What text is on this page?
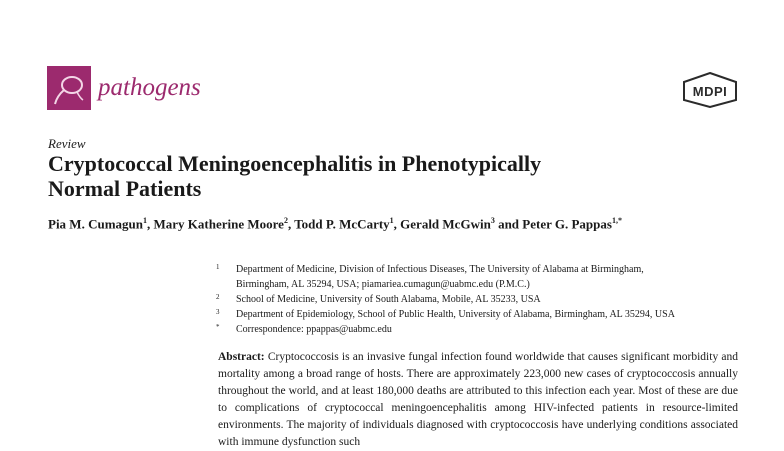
pathogens	MDPI
Review
Cryptococcal Meningoencephalitis in Phenotypically
Normal Patients
Pia M. Cumagun$^1$, Mary Katherine Moore$^2$, Todd P. McCarty$^1$, Gerald McGwin$^3$ and Peter G. Pappas$^{1,*}$
1 Department of Medicine, Division of Infectious Diseases, The University of Alabama at Birmingham,
Birmingham, AL 35294, USA; piamariea.cumagun@uabmc.edu (P.M.C.)
2 School of Medicine, University of South Alabama, Mobile, AL 35233, USA
3 Department of Epidemiology, School of Public Health, University of Alabama, Birmingham, AL 35294, USA
* Correspondence: ppappas@uabmc.edu
Abstract: Cryptococcosis is an invasive fungal infection found worldwide that causes significant morbidity and mortality among a broad range of hosts. There are approximately 223,000 new cases of cryptococcosis annually throughout the world, and at least 180,000 deaths are attributed to this infection each year. Most of these are due to complications of cryptococcal meningoencephalitis among HIV-infected patients in resource-limited environments. The majority of individuals diagnosed with cryptococcosis have underlying conditions associated with immune dysfunction such
